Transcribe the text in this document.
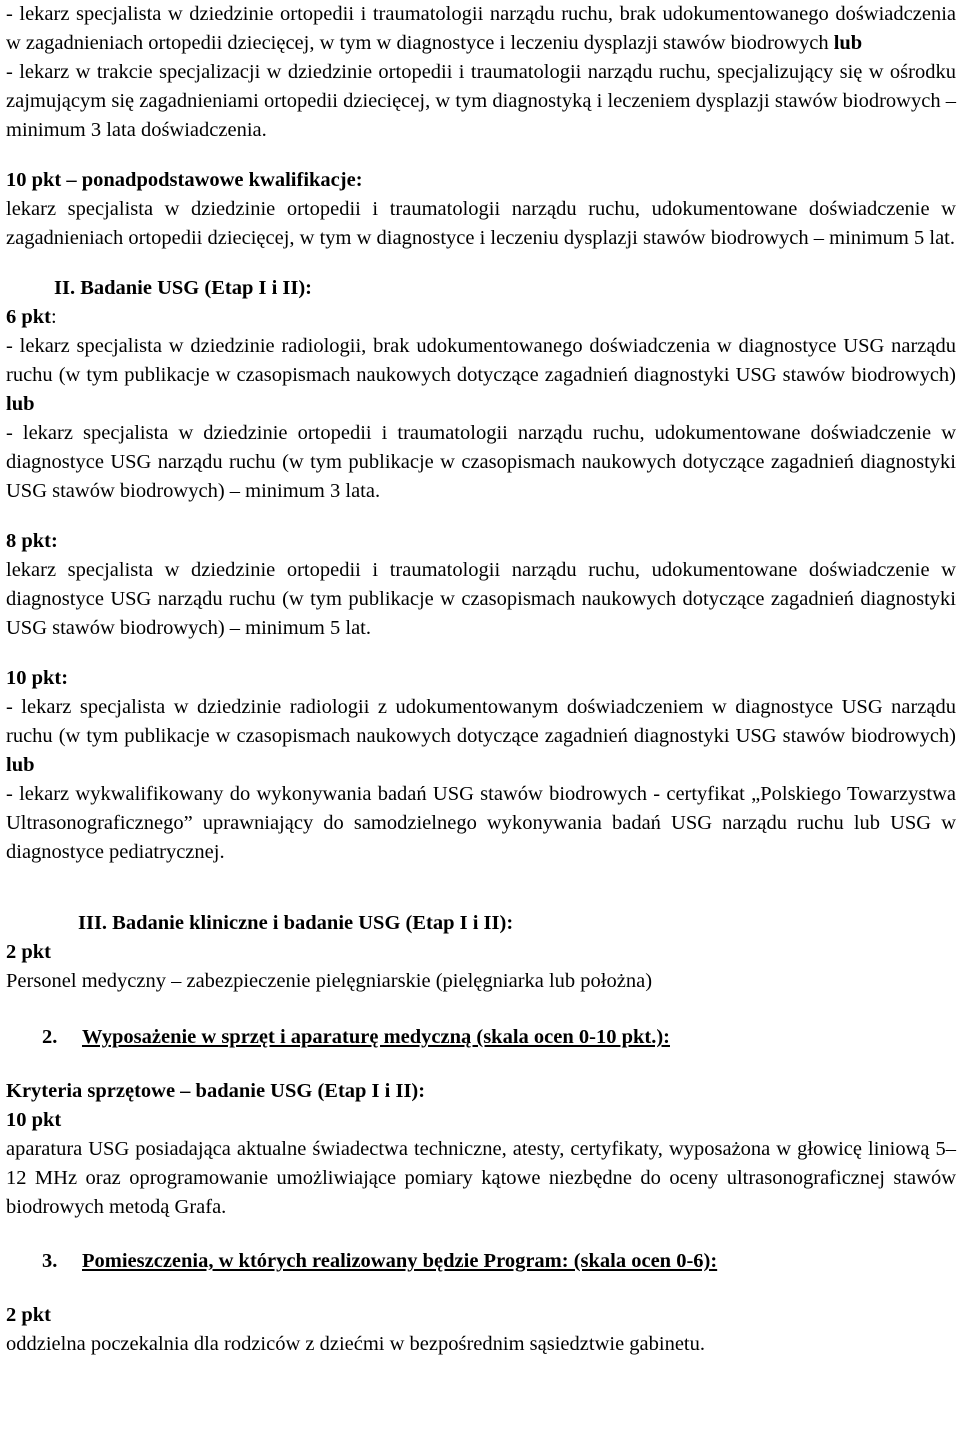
- lekarz specjalista w dziedzinie ortopedii i traumatologii narządu ruchu, brak udokumentowanego doświadczenia w zagadnieniach ortopedii dziecięcej, w tym w diagnostyce i leczeniu dysplazji stawów biodrowych lub

- lekarz w trakcie specjalizacji w dziedzinie ortopedii i traumatologii narządu ruchu, specjalizujący się w ośrodku zajmującym się zagadnieniami ortopedii dziecięcej, w tym diagnostyką i leczeniem dysplazji stawów biodrowych – minimum 3 lata doświadczenia.

10 pkt – ponadpodstawowe kwalifikacje:

lekarz specjalista w dziedzinie ortopedii i traumatologii narządu ruchu, udokumentowane doświadczenie w zagadnieniach ortopedii dziecięcej, w tym w diagnostyce i leczeniu dysplazji stawów biodrowych – minimum 5 lat.

II. Badanie USG (Etap I i II):

6 pkt:

- lekarz specjalista w dziedzinie radiologii, brak udokumentowanego doświadczenia w diagnostyce USG narządu ruchu (w tym publikacje w czasopismach naukowych dotyczące zagadnień diagnostyki USG stawów biodrowych) lub

- lekarz specjalista w dziedzinie ortopedii i traumatologii narządu ruchu, udokumentowane doświadczenie w diagnostyce USG narządu ruchu (w tym publikacje w czasopismach naukowych dotyczące zagadnień diagnostyki USG stawów biodrowych) – minimum 3 lata.

8 pkt:

lekarz specjalista w dziedzinie ortopedii i traumatologii narządu ruchu, udokumentowane doświadczenie w diagnostyce USG narządu ruchu (w tym publikacje w czasopismach naukowych dotyczące zagadnień diagnostyki USG stawów biodrowych) – minimum 5 lat.

10 pkt:

- lekarz specjalista w dziedzinie radiologii z udokumentowanym doświadczeniem w diagnostyce USG narządu ruchu (w tym publikacje w czasopismach naukowych dotyczące zagadnień diagnostyki USG stawów biodrowych) lub

- lekarz wykwalifikowany do wykonywania badań USG stawów biodrowych - certyfikat „Polskiego Towarzystwa Ultrasonograficznego” uprawniający do samodzielnego wykonywania badań USG narządu ruchu lub USG w diagnostyce pediatrycznej.

III. Badanie kliniczne i badanie USG (Etap I i II):

2 pkt

Personel medyczny – zabezpieczenie pielęgniarskie (pielęgniarka lub położna)

2. Wyposażenie w sprzęt i aparaturę medyczną (skala ocen 0-10 pkt.):

Kryteria sprzętowe – badanie USG (Etap I i II):

10 pkt

aparatura USG posiadająca aktualne świadectwa techniczne, atesty, certyfikaty, wyposażona w głowicę liniową 5–12 MHz oraz oprogramowanie umożliwiające pomiary kątowe niezbędne do oceny ultrasonograficznej stawów biodrowych metodą Grafa.

3. Pomieszczenia, w których realizowany będzie Program: (skala ocen 0-6):

2 pkt

oddzielna poczekalnia dla rodziców z dziećmi w bezpośrednim sąsiedztwie gabinetu.
